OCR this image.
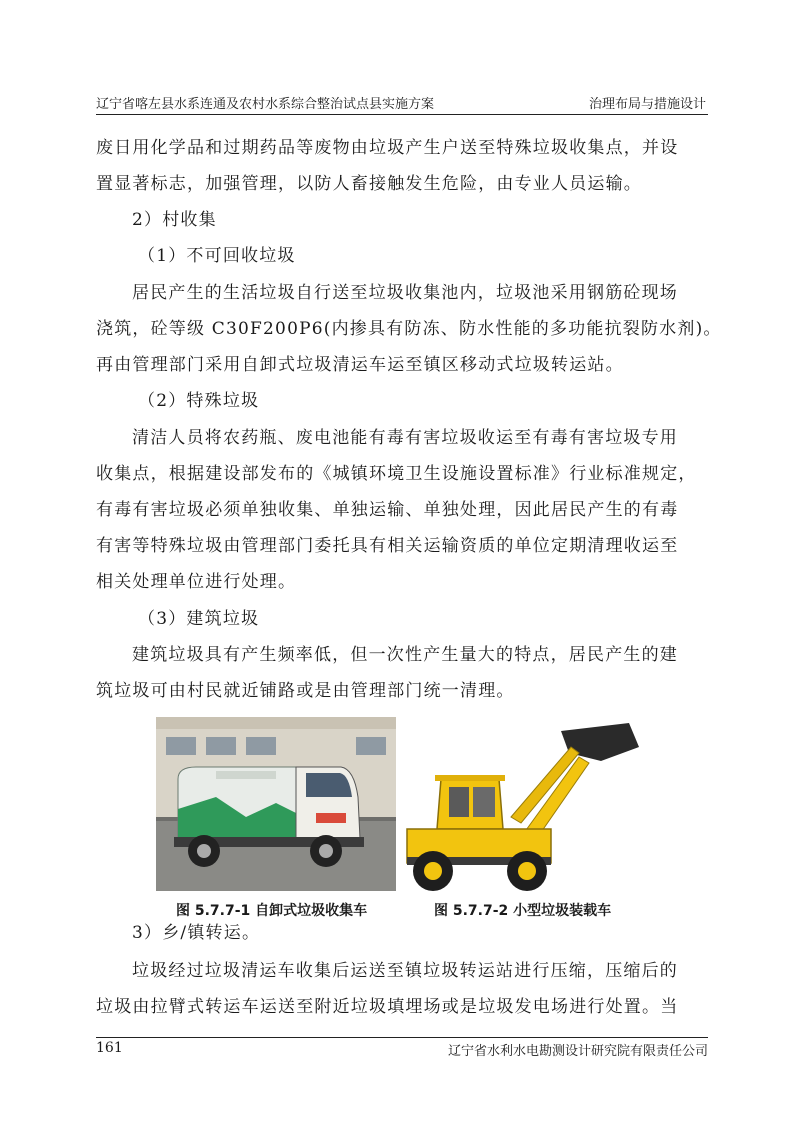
辽宁省喀左县水系连通及农村水系综合整治试点县实施方案	治理布局与措施设计
废日用化学品和过期药品等废物由垃圾产生户送至特殊垃圾收集点，并设
置显著标志，加强管理，以防人畜接触发生危险，由专业人员运输。
2）村收集
（1）不可回收垃圾
居民产生的生活垃圾自行送至垃圾收集池内，垃圾池采用钢筋砼现场
浇筑，砼等级 C30F200P6(内掺具有防冻、防水性能的多功能抗裂防水剂)。
再由管理部门采用自卸式垃圾清运车运至镇区移动式垃圾转运站。
（2）特殊垃圾
清洁人员将农药瓶、废电池能有毒有害垃圾收运至有毒有害垃圾专用
收集点，根据建设部发布的《城镇环境卫生设施设置标准》行业标准规定，
有毒有害垃圾必须单独收集、单独运输、单独处理，因此居民产生的有毒
有害等特殊垃圾由管理部门委托具有相关运输资质的单位定期清理收运至
相关处理单位进行处理。
（3）建筑垃圾
建筑垃圾具有产生频率低，但一次性产生量大的特点，居民产生的建
筑垃圾可由村民就近铺路或是由管理部门统一清理。
图 5.7.7-1 自卸式垃圾收集车	图 5.7.7-2 小型垃圾装载车
3）乡/镇转运。
垃圾经过垃圾清运车收集后运送至镇垃圾转运站进行压缩，压缩后的
垃圾由拉臂式转运车运送至附近垃圾填埋场或是垃圾发电场进行处置。当
161	辽宁省水利水电勘测设计研究院有限责任公司
